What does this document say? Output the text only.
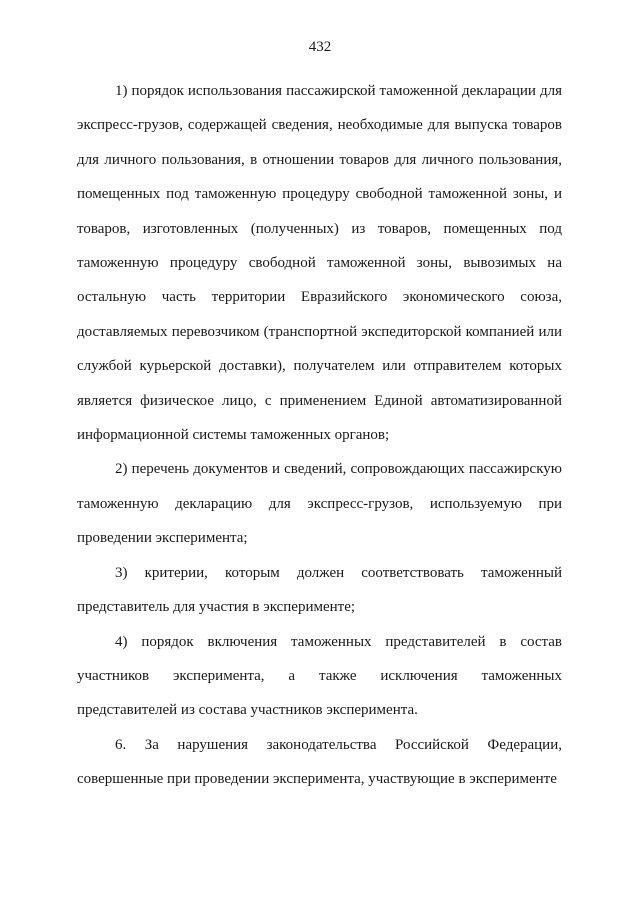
432

1) порядок использования пассажирской таможенной декларации для экспресс-грузов, содержащей сведения, необходимые для выпуска товаров для личного пользования, в отношении товаров для личного пользования, помещенных под таможенную процедуру свободной таможенной зоны, и товаров, изготовленных (полученных) из товаров, помещенных под таможенную процедуру свободной таможенной зоны, вывозимых на остальную часть территории Евразийского экономического союза, доставляемых перевозчиком (транспортной экспедиторской компанией или службой курьерской доставки), получателем или отправителем которых является физическое лицо, с применением Единой автоматизированной информационной системы таможенных органов;

2) перечень документов и сведений, сопровождающих пассажирскую таможенную декларацию для экспресс-грузов, используемую при проведении эксперимента;

3) критерии, которым должен соответствовать таможенный представитель для участия в эксперименте;

4) порядок включения таможенных представителей в состав участников эксперимента, а также исключения таможенных представителей из состава участников эксперимента.

6. За нарушения законодательства Российской Федерации, совершенные при проведении эксперимента, участвующие в эксперименте
